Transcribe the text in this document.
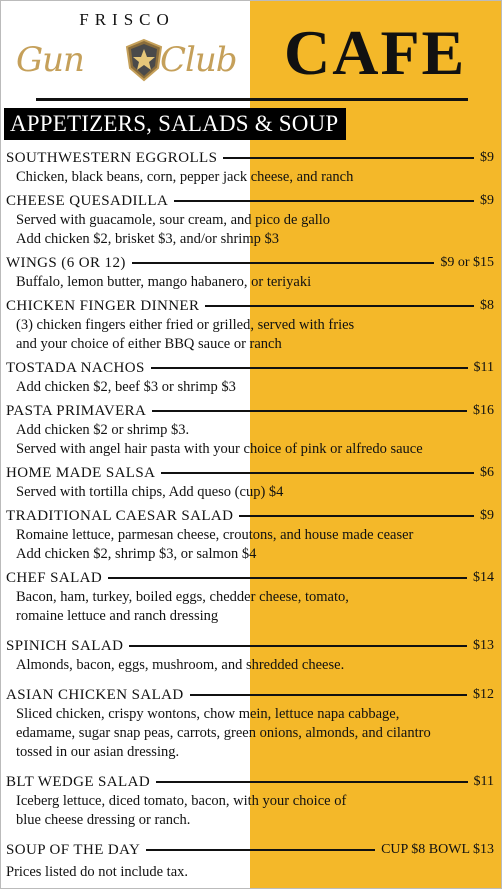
FRISCO
Gun Club CAFE
APPETIZERS, SALADS & SOUP
SOUTHWESTERN EGGROLLS	$9
Chicken, black beans, corn, pepper jack cheese, and ranch
CHEESE QUESADILLA	$9
Served with guacamole, sour cream, and pico de gallo
Add chicken $2, brisket $3, and/or shrimp $3
WINGS (6 OR 12)	$9 or $15
Buffalo, lemon butter, mango habanero, or teriyaki
CHICKEN FINGER DINNER	$8
(3) chicken fingers either fried or grilled, served with fries
and your choice of either BBQ sauce or ranch
TOSTADA NACHOS	$11
Add chicken $2, beef $3 or shrimp $3
PASTA PRIMAVERA	$16
Add chicken $2 or shrimp $3.
Served with angel hair pasta with your choice of pink or alfredo sauce
HOME MADE SALSA	$6
Served with tortilla chips, Add queso (cup) $4
TRADITIONAL CAESAR SALAD	$9
Romaine lettuce, parmesan cheese, croutons, and house made ceaser
Add chicken $2, shrimp $3, or salmon $4
CHEF SALAD	$14
Bacon, ham, turkey, boiled eggs, chedder cheese, tomato,
romaine lettuce and ranch dressing
SPINICH SALAD	$13
Almonds, bacon, eggs, mushroom, and shredded cheese.
ASIAN CHICKEN SALAD	$12
Sliced chicken, crispy wontons, chow mein, lettuce napa cabbage,
edamame, sugar snap peas, carrots, green onions, almonds, and cilantro
tossed in our asian dressing.
BLT WEDGE SALAD	$11
Iceberg lettuce, diced tomato, bacon, with your choice of
blue cheese dressing or ranch.
SOUP OF THE DAY	CUP $8 BOWL $13
Prices listed do not include tax.
